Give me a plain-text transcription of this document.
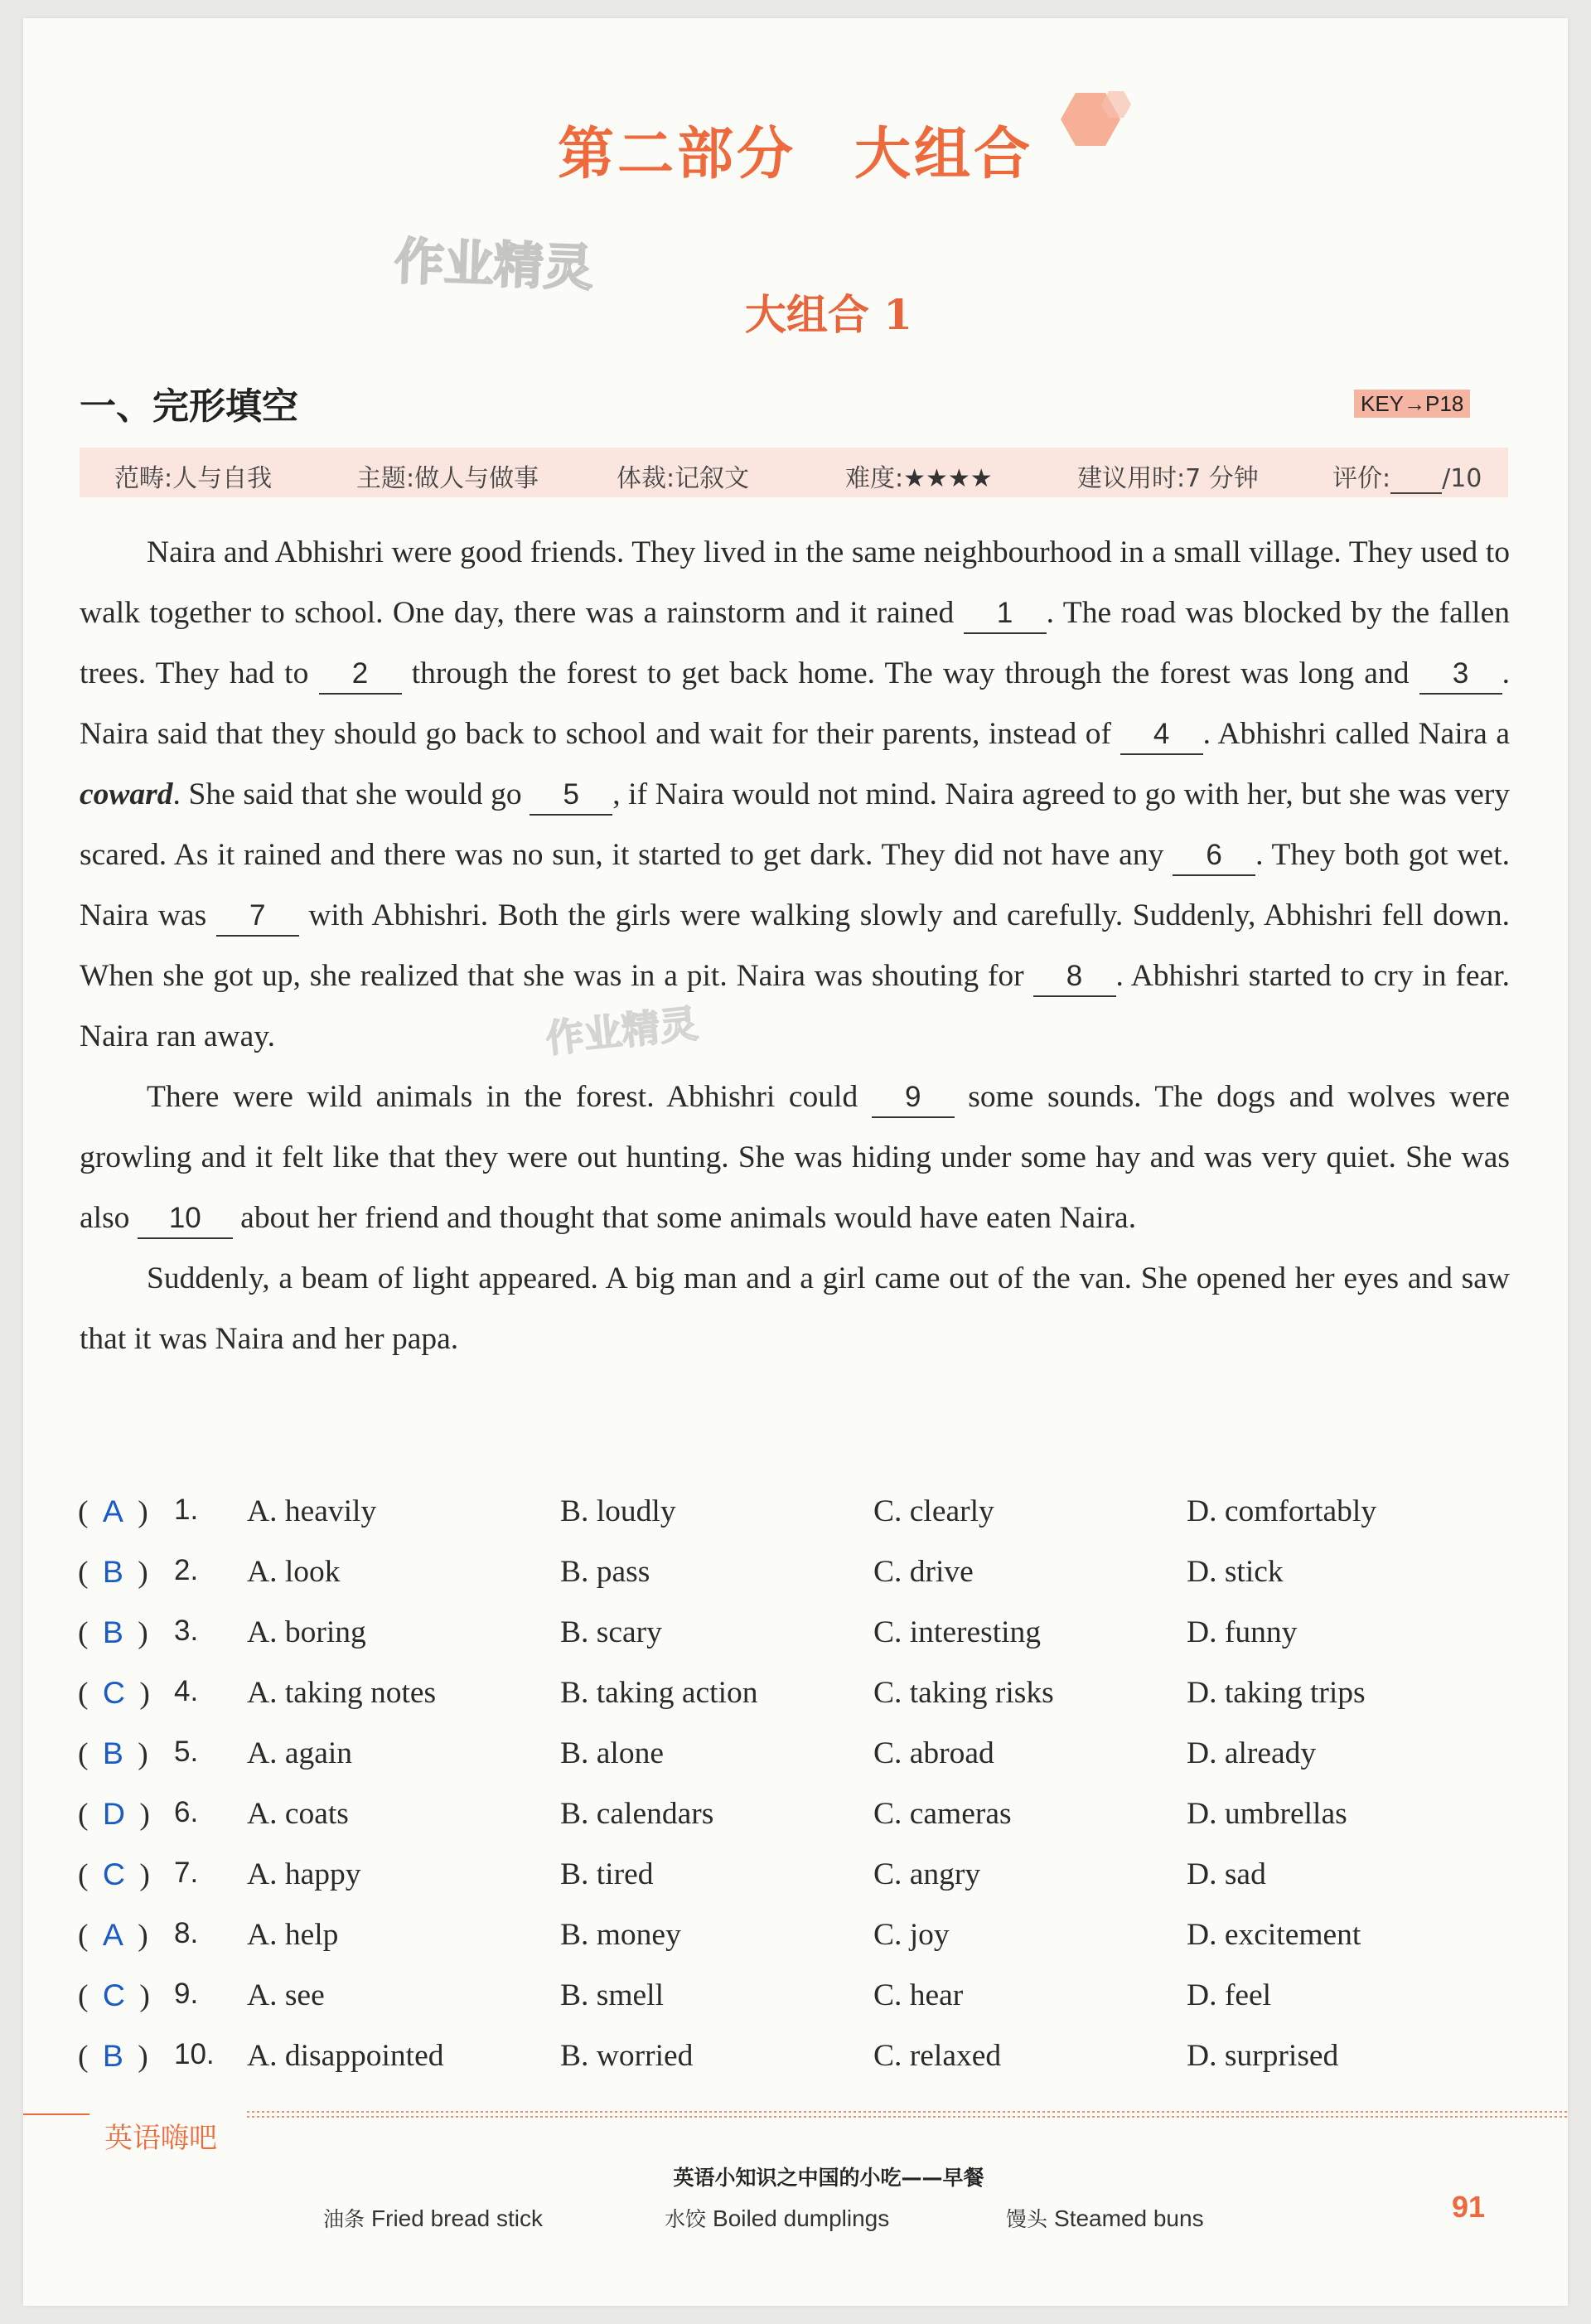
第二部分 大组合
作业精灵
大组合 1
一、完形填空	KEY→P18
范畴:人与自我	主题:做人与做事	体裁:记叙文	难度:★★★★	建议用时:7 分钟	评价: /10

Naira and Abhishri were good friends. They lived in the same neighbourhood in a small village. They used to walk together to school. One day, there was a rainstorm and it rained 1 . The road was blocked by the fallen trees. They had to 2 through the forest to get back home. The way through the forest was long and 3 . Naira said that they should go back to school and wait for their parents, instead of 4 . Abhishri called Naira a coward. She said that she would go 5 , if Naira would not mind. Naira agreed to go with her, but she was very scared. As it rained and there was no sun, it started to get dark. They did not have any 6 . They both got wet. Naira was 7 with Abhishri. Both the girls were walking slowly and carefully. Suddenly, Abhishri fell down. When she got up, she realized that she was in a pit. Naira was shouting for 8 . Abhishri started to cry in fear. Naira ran away.

There were wild animals in the forest. Abhishri could 9 some sounds. The dogs and wolves were growling and it felt like that they were out hunting. She was hiding under some hay and was very quiet. She was also 10 about her friend and thought that some animals would have eaten Naira.

Suddenly, a beam of light appeared. A big man and a girl came out of the van. She opened her eyes and saw that it was Naira and her papa.

作业精灵
( A ) 1. A. heavily	B. loudly	C. clearly	D. comfortably
( B ) 2. A. look	B. pass	C. drive	D. stick
( B ) 3. A. boring	B. scary	C. interesting	D. funny
( C ) 4. A. taking notes	B. taking action	C. taking risks	D. taking trips
( B ) 5. A. again	B. alone	C. abroad	D. already
( D ) 6. A. coats	B. calendars	C. cameras	D. umbrellas
( C ) 7. A. happy	B. tired	C. angry	D. sad
( A ) 8. A. help	B. money	C. joy	D. excitement
( C ) 9. A. see	B. smell	C. hear	D. feel
( B ) 10. A. disappointed	B. worried	C. relaxed	D. surprised
英语嗨吧
英语小知识之中国的小吃——早餐
油条 Fried bread stick	水饺 Boiled dumplings	馒头 Steamed buns	91
